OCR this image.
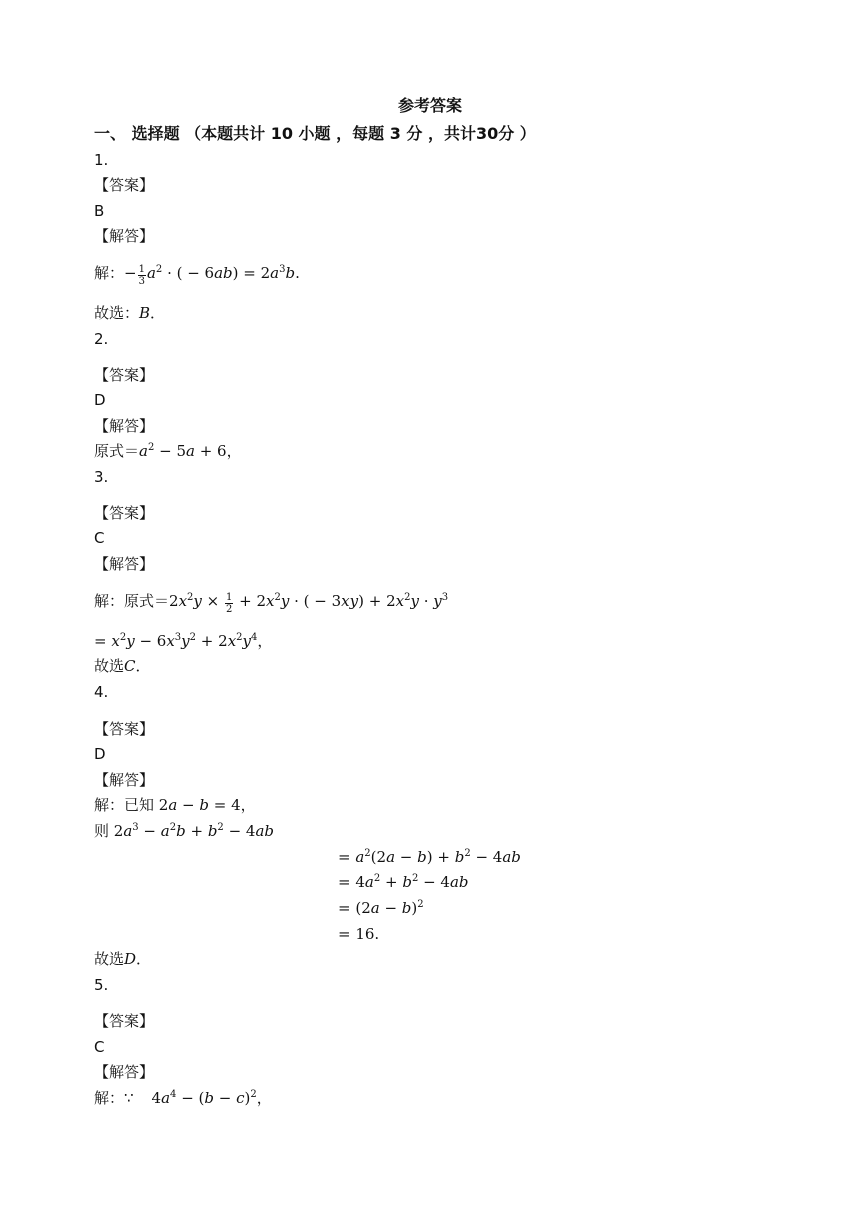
参考答案
一、 选择题 （本题共计 10 小题 ，每题 3 分 ，共计30分 ）
1.
【答案】
B
【解答】
解：− $\frac{1}{3} a^2$ · ( − $6ab) = 2a^3b$.
故选：B．
2.
【答案】
D
【解答】
原式$=a^2 - 5a + 6$，
3.
【答案】
C
【解答】
解：原式$=2x^2y \times \frac{1}{2} + 2x^2y$ · ( − $3xy) + 2x^2y \cdot y^3$
= $x^2y - 6x^3y^2 + 2x^2y^4$，
故选C．
4.
【答案】
D
【解答】
解：已知 2a − b = 4，
则 $2a^3 - a^2b + b^2 - 4ab$
= $a^2(2a - b) + b^2 - 4ab$
= $4a^2 + b^2 - 4ab$
= $(2a - b)^2$
= 16.
故选D．
5.
【答案】
C
【解答】
解：∵ $4a^4 - (b - c)^2$，
